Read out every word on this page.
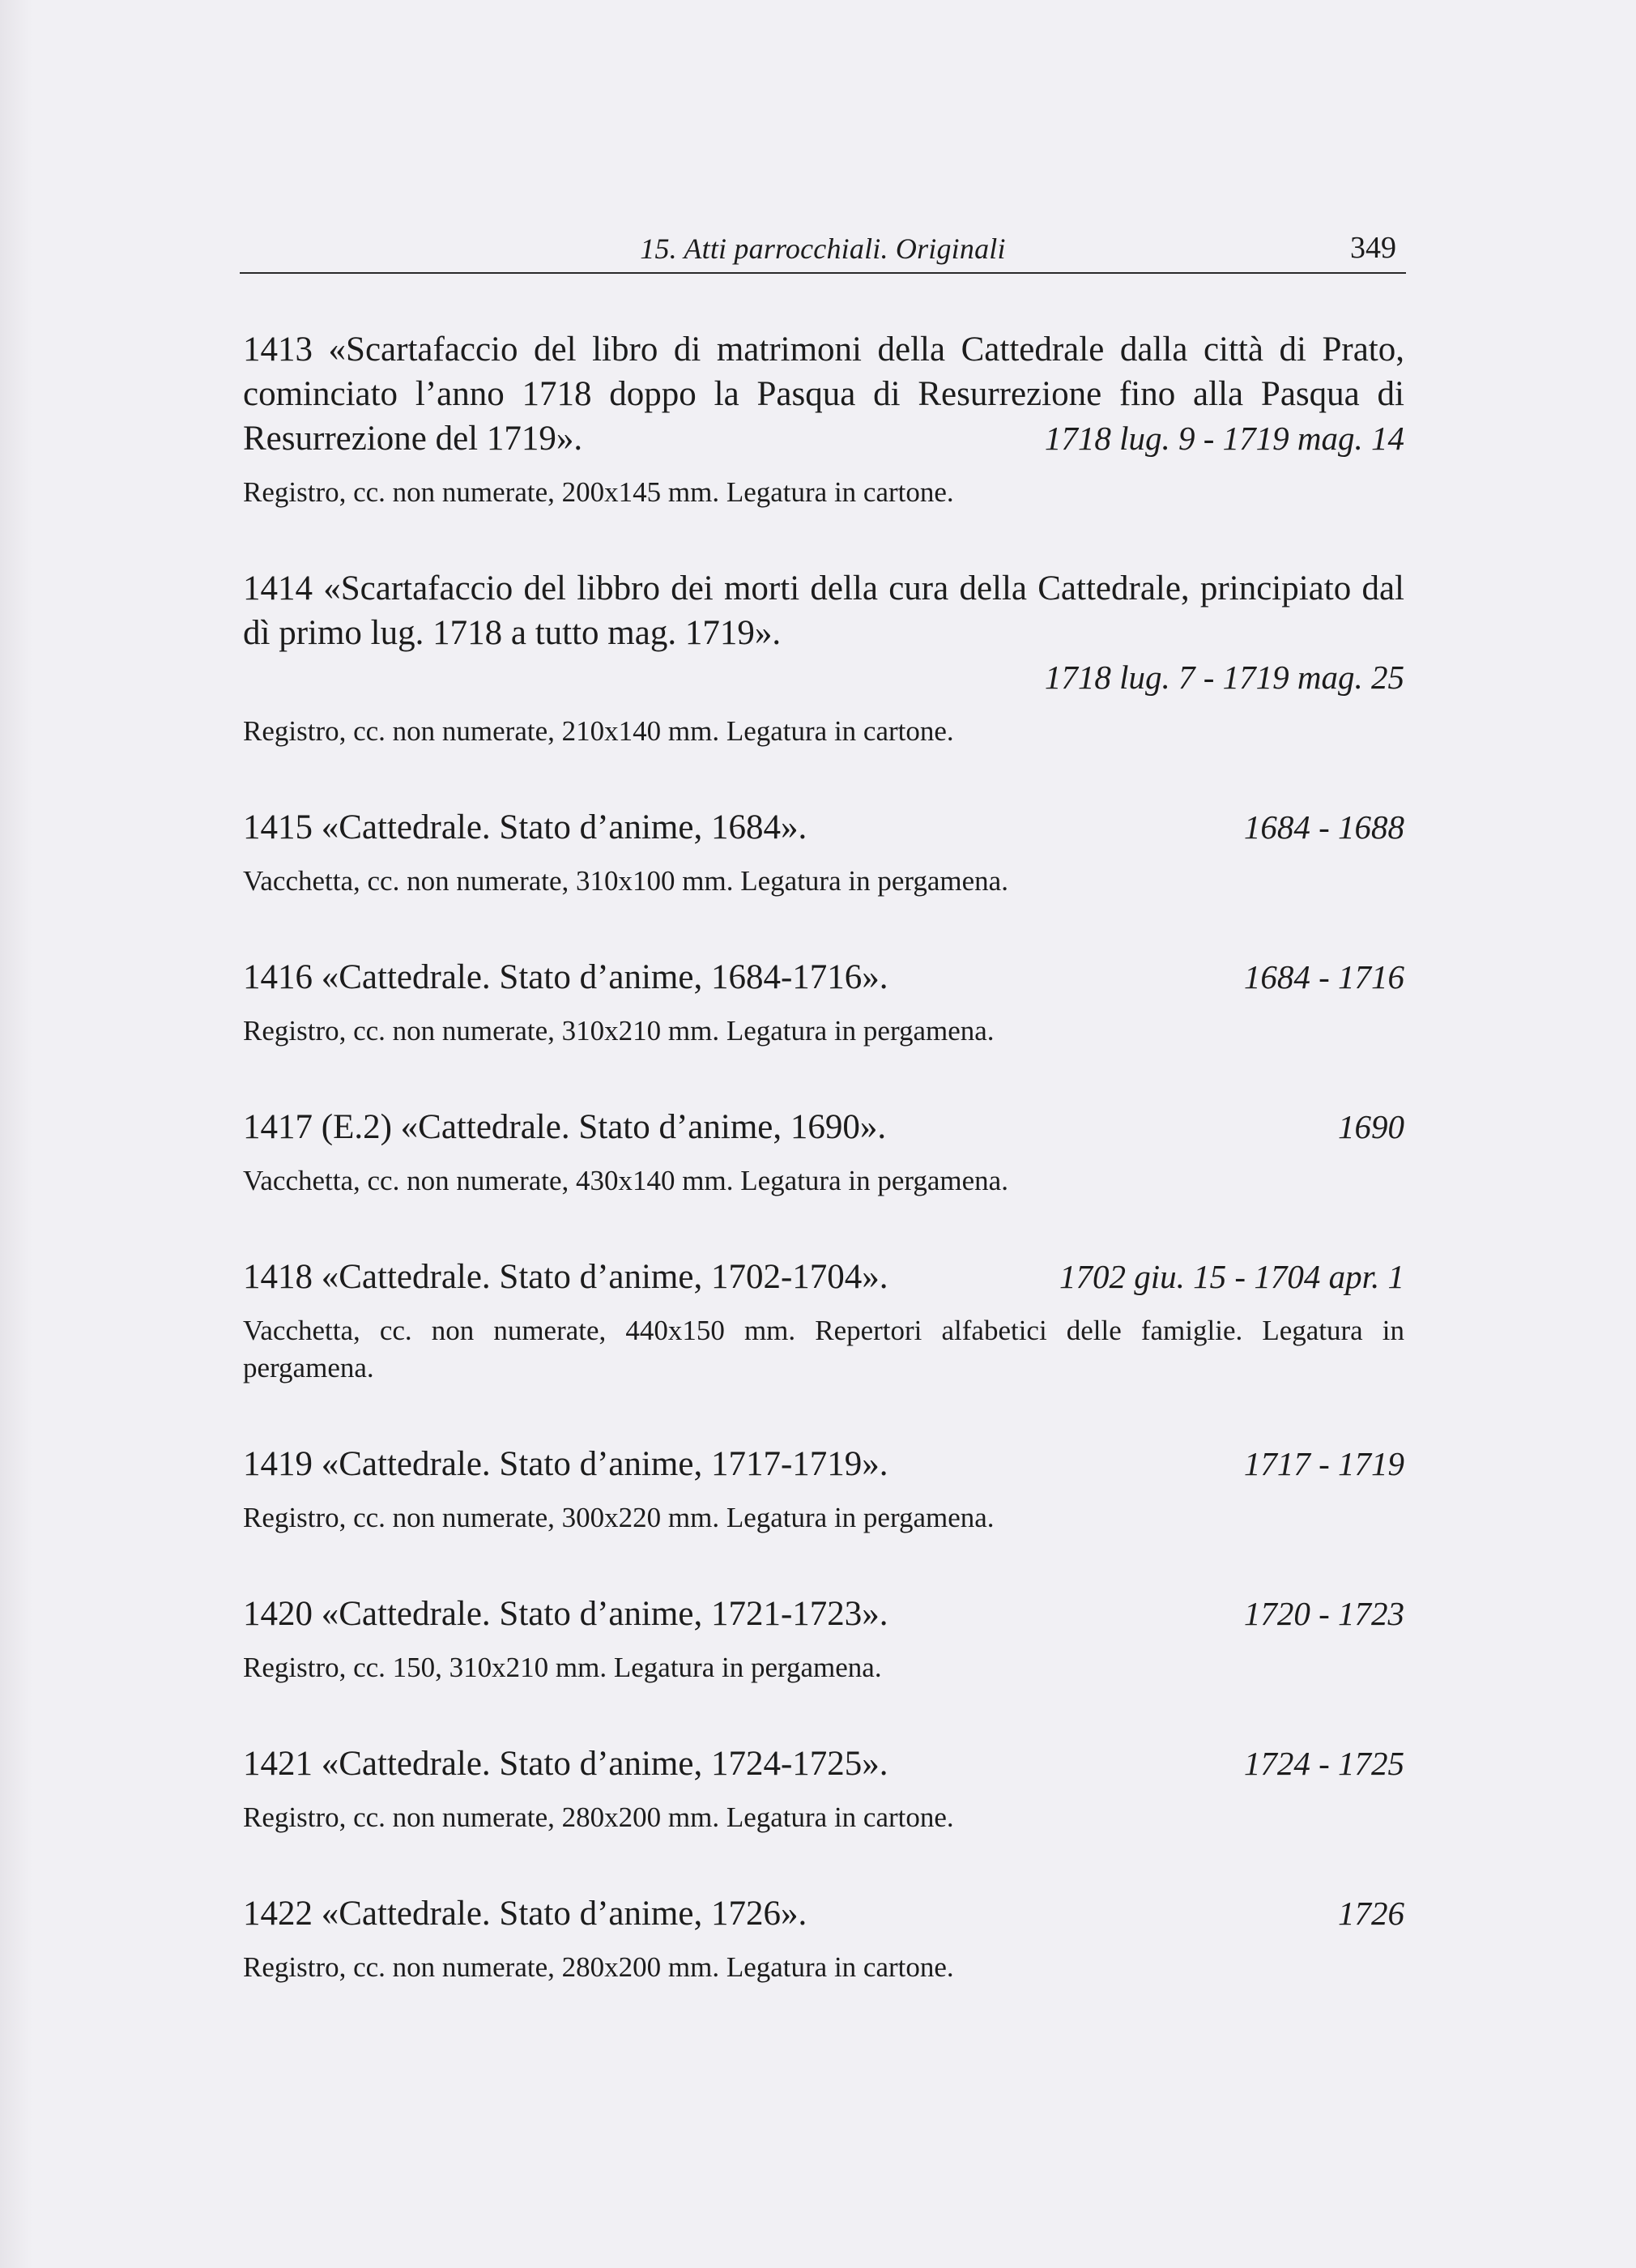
15. Atti parrocchiali. Originali	349
1413 «Scartafaccio del libro di matrimoni della Cattedrale dalla città di Prato, cominciato l’anno 1718 doppo la Pasqua di Resurrezione fino alla Pasqua di Resurrezione del 1719».	1718 lug. 9 - 1719 mag. 14
Registro, cc. non numerate, 200x145 mm. Legatura in cartone.
1414 «Scartafaccio del libbro dei morti della cura della Cattedrale, principiato dal dì primo lug. 1718 a tutto mag. 1719».
1718 lug. 7 - 1719 mag. 25
Registro, cc. non numerate, 210x140 mm. Legatura in cartone.
1415 «Cattedrale. Stato d’anime, 1684».	1684 - 1688
Vacchetta, cc. non numerate, 310x100 mm. Legatura in pergamena.
1416 «Cattedrale. Stato d’anime, 1684-1716».	1684 - 1716
Registro, cc. non numerate, 310x210 mm. Legatura in pergamena.
1417 (E.2) «Cattedrale. Stato d’anime, 1690».	1690
Vacchetta, cc. non numerate, 430x140 mm. Legatura in pergamena.
1418 «Cattedrale. Stato d’anime, 1702-1704».	1702 giu. 15 - 1704 apr. 1
Vacchetta, cc. non numerate, 440x150 mm. Repertori alfabetici delle famiglie. Legatura in pergamena.
1419 «Cattedrale. Stato d’anime, 1717-1719».	1717 - 1719
Registro, cc. non numerate, 300x220 mm. Legatura in pergamena.
1420 «Cattedrale. Stato d’anime, 1721-1723».	1720 - 1723
Registro, cc. 150, 310x210 mm. Legatura in pergamena.
1421 «Cattedrale. Stato d’anime, 1724-1725».	1724 - 1725
Registro, cc. non numerate, 280x200 mm. Legatura in cartone.
1422 «Cattedrale. Stato d’anime, 1726».	1726
Registro, cc. non numerate, 280x200 mm. Legatura in cartone.
